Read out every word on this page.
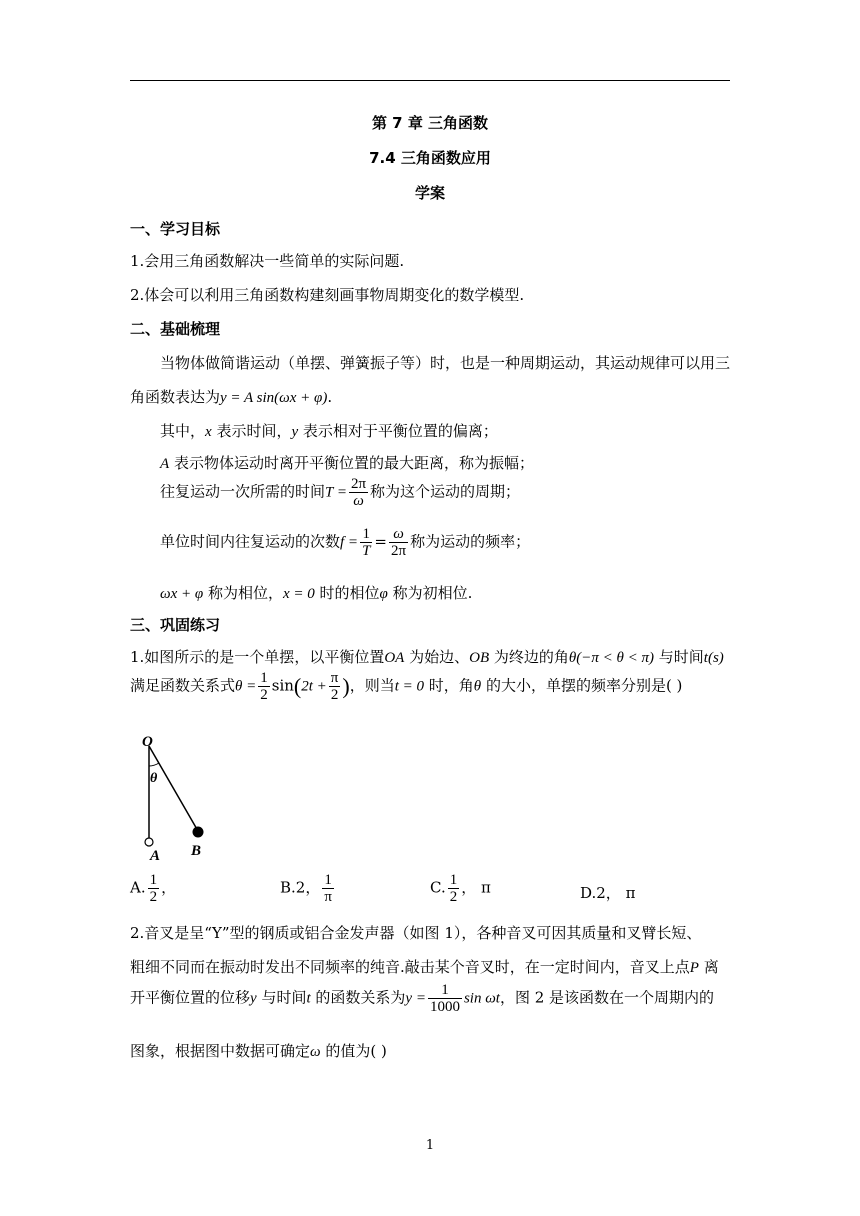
第 7 章 三角函数
7.4 三角函数应用
学案
一、学习目标
1.会用三角函数解决一些简单的实际问题.
2.体会可以利用三角函数构建刻画事物周期变化的数学模型.
二、基础梳理
当物体做简谐运动（单摆、弹簧振子等）时，也是一种周期运动，其运动规律可以用三
角函数表达为y = A sin(ωx + φ).
其中，x 表示时间，y 表示相对于平衡位置的偏离；
A 表示物体运动时离开平衡位置的最大距离，称为振幅；
往复运动一次所需的时间$T = \frac{2\pi}{\omega}$ 称为这个运动的周期；
单位时间内往复运动的次数$f = \frac{1}{T} = \frac{\omega}{2\pi}$ 称为运动的频率；
ωx + φ 称为相位，x = 0 时的相位φ 称为初相位.
三、巩固练习
1.如图所示的是一个单摆，以平衡位置OA 为始边、OB 为终边的角θ(−π < θ < π) 与时间t(s)
满足函数关系式$\theta = \frac{1}{2} \sin(2t + \frac{\pi}{2}$ )，则当t = 0 时，角θ 的大小，单摆的频率分别是( )
O
θ
A B
A. $\frac{1}{2}$ ，	B.2， $\frac{1}{\pi}$	C. $\frac{1}{2}$ ， π	D.2， π
2.音叉是呈“Y”型的钢质或铝合金发声器（如图 1），各种音叉可因其质量和叉臂长短、
粗细不同而在振动时发出不同频率的纯音.敲击某个音叉时，在一定时间内，音叉上点P 离
开平衡位置的位移y 与时间t 的函数关系为$y = \frac{1}{1000}$ sin ωt，图 2 是该函数在一个周期内的
图象，根据图中数据可确定ω 的值为( )
1
